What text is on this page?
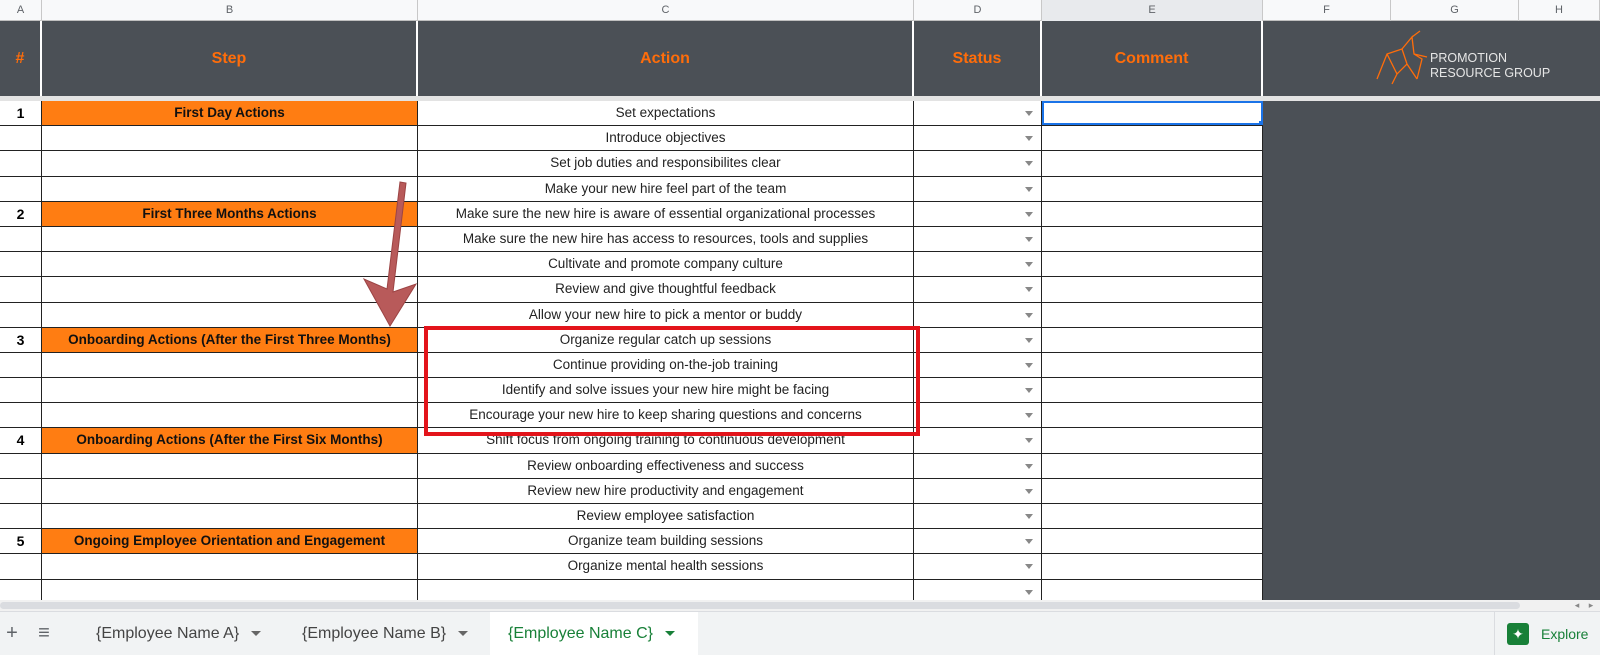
A	B	C	D	E	F	G	H
#	Step	Action	Status	Comment	PROMOTION
RESOURCE GROUP
1	First Day Actions	Set expectations
Introduce objectives
Set job duties and responsibilites clear
Make your new hire feel part of the team
2	First Three Months Actions	Make sure the new hire is aware of essential organizational processes
Make sure the new hire has access to resources, tools and supplies
Cultivate and promote company culture
Review and give thoughtful feedback
Allow your new hire to pick a mentor or buddy
3	Onboarding Actions (After the First Three Months)	Organize regular catch up sessions
Continue providing on-the-job training
Identify and solve issues your new hire might be facing
Encourage your new hire to keep sharing questions and concerns
4	Onboarding Actions (After the First Six Months)	Shift focus from ongoing training to continuous development
Review onboarding effectiveness and success
Review new hire productivity and engagement
Review employee satisfaction
5	Ongoing Employee Orientation and Engagement	Organize team building sessions
Organize mental health sessions
◂	▸
+	≡	{Employee Name A}	{Employee Name B}	{Employee Name C}
✦	Explore
